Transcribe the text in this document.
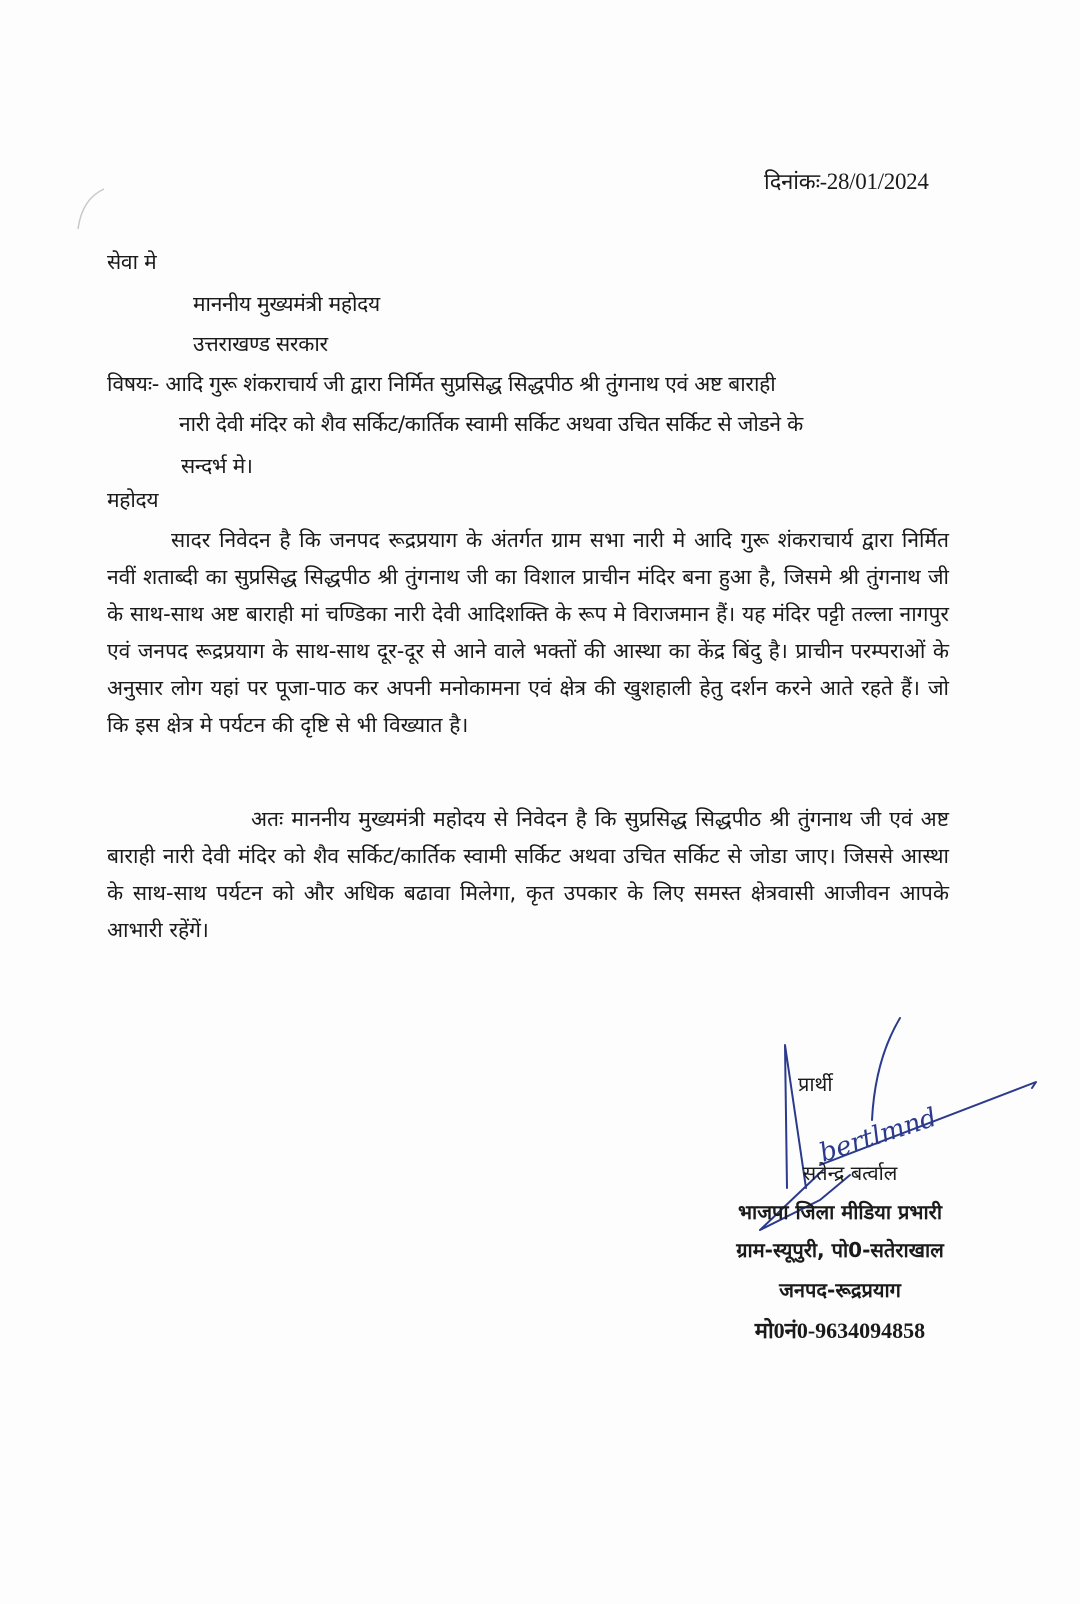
दिनांकः-28/01/2024
सेवा मे
माननीय मुख्यमंत्री महोदय
उत्तराखण्ड सरकार
विषयः- आदि गुरू शंकराचार्य जी द्वारा निर्मित सुप्रसिद्ध सिद्धपीठ श्री तुंगनाथ एवं अष्ट बाराही
नारी देवी मंदिर को शैव सर्किट/कार्तिक स्वामी सर्किट अथवा उचित सर्किट से जोडने के
सन्दर्भ मे।
महोदय

सादर निवेदन है कि जनपद रूद्रप्रयाग के अंतर्गत ग्राम सभा नारी मे आदि गुरू शंकराचार्य द्वारा निर्मित नवीं शताब्दी का सुप्रसिद्ध सिद्धपीठ श्री तुंगनाथ जी का विशाल प्राचीन मंदिर बना हुआ है, जिसमे श्री तुंगनाथ जी के साथ-साथ अष्ट बाराही मां चण्डिका नारी देवी आदिशक्ति के रूप मे विराजमान हैं। यह मंदिर पट्टी तल्ला नागपुर एवं जनपद रूद्रप्रयाग के साथ-साथ दूर-दूर से आने वाले भक्तों की आस्था का केंद्र बिंदु है। प्राचीन परम्पराओं के अनुसार लोग यहां पर पूजा-पाठ कर अपनी मनोकामना एवं क्षेत्र की खुशहाली हेतु दर्शन करने आते रहते हैं। जो कि इस क्षेत्र मे पर्यटन की दृष्टि से भी विख्यात है।

अतः माननीय मुख्यमंत्री महोदय से निवेदन है कि सुप्रसिद्ध सिद्धपीठ श्री तुंगनाथ जी एवं अष्ट बाराही नारी देवी मंदिर को शैव सर्किट/कार्तिक स्वामी सर्किट अथवा उचित सर्किट से जोडा जाए। जिससे आस्था के साथ-साथ पर्यटन को और अधिक बढावा मिलेगा, कृत उपकार के लिए समस्त क्षेत्रवासी आजीवन आपके आभारी रहेंगें।

प्रार्थी
bertlmnd
सतेन्द्र बर्त्वाल
भाजपा जिला मीडिया प्रभारी
ग्राम-स्यूपुरी, पो0-सतेराखाल
जनपद-रूद्रप्रयाग
मो0नं0-9634094858
